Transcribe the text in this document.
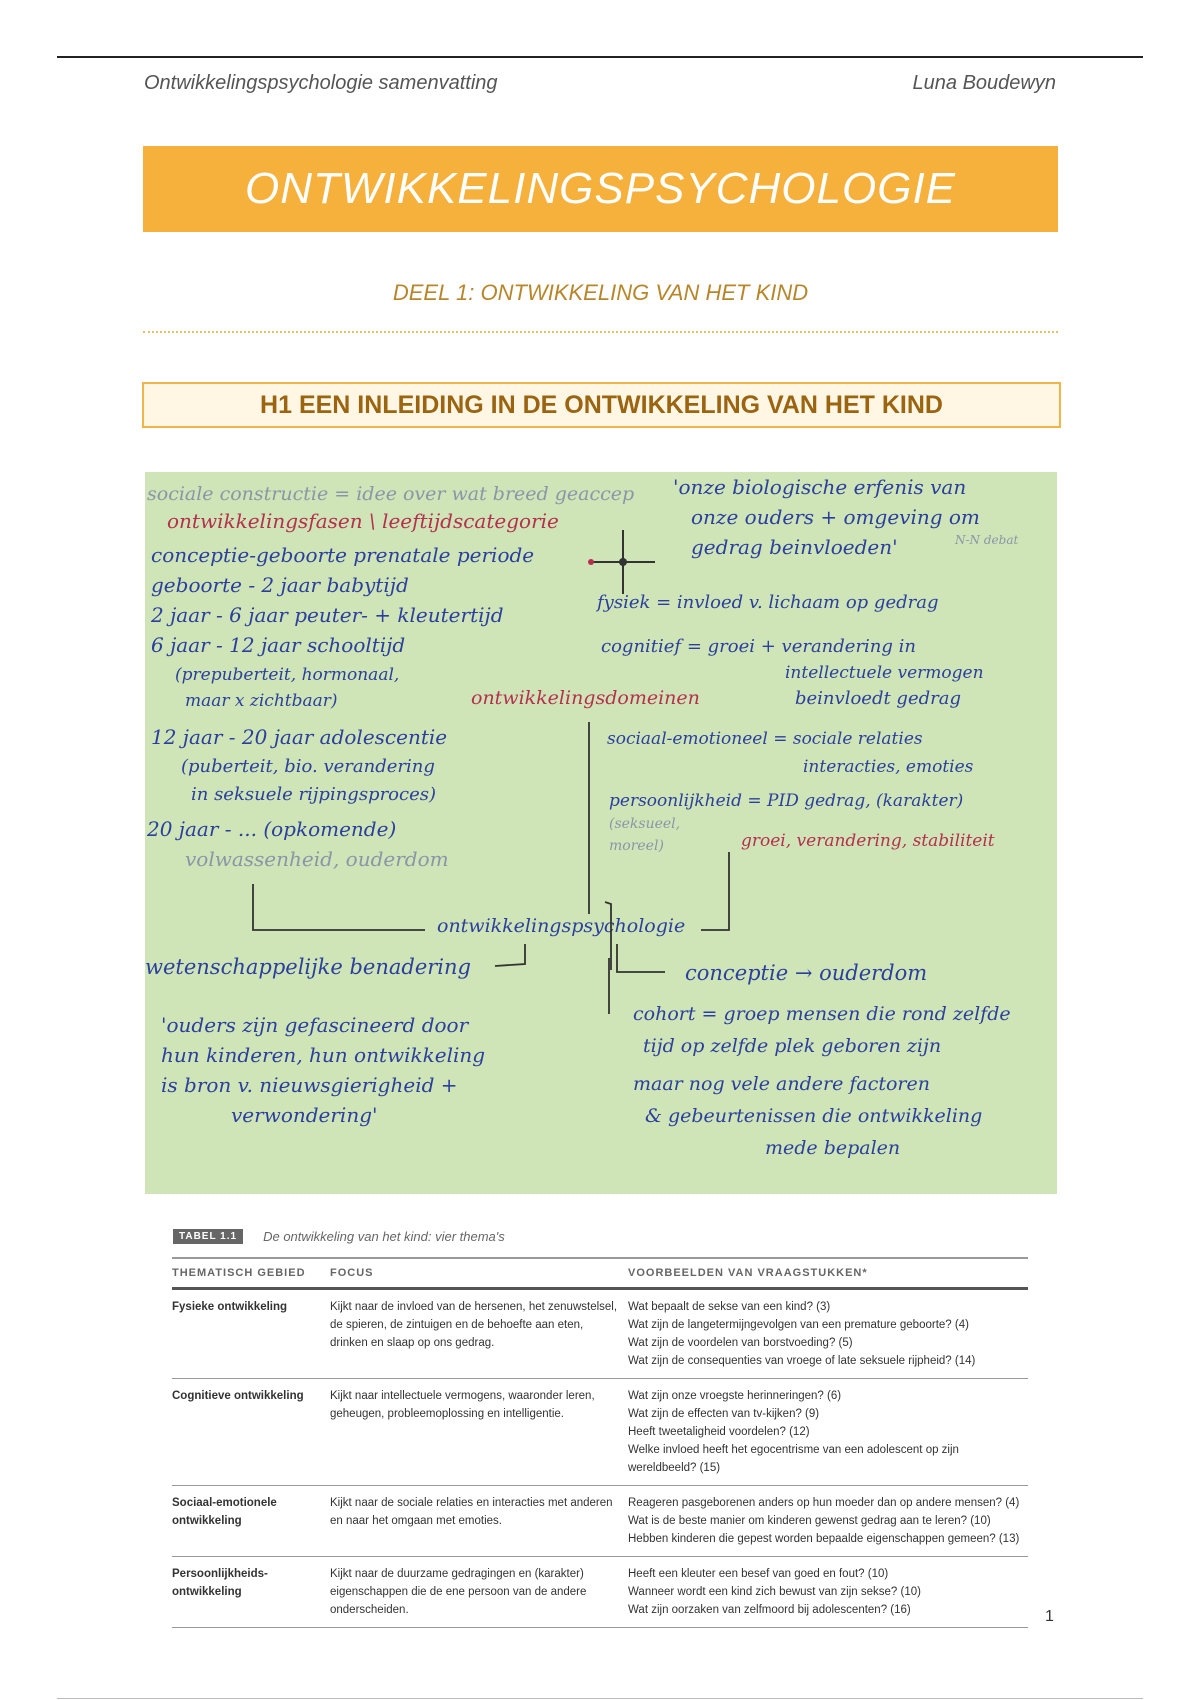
Ontwikkelingspsychologie samenvatting	Luna Boudewyn
ONTWIKKELINGSPSYCHOLOGIE
DEEL 1: ONTWIKKELING VAN HET KIND
H1 EEN INLEIDING IN DE ONTWIKKELING VAN HET KIND
sociale constructie = idee over wat breed geaccep
ontwikkelingsfasen \ leeftijdscategorie
conceptie-geboorte prenatale periode
geboorte - 2 jaar babytijd
2 jaar - 6 jaar peuter- + kleutertijd
6 jaar - 12 jaar schooltijd
(prepuberteit, hormonaal,
maar x zichtbaar)
12 jaar - 20 jaar adolescentie
(puberteit, bio. verandering
in seksuele rijpingsproces)
20 jaar - ... (opkomende)
volwassenheid, ouderdom
'onze biologische erfenis van
onze ouders + omgeving om
gedrag beinvloeden'	N-N debat
fysiek = invloed v. lichaam op gedrag
cognitief = groei + verandering in
intellectuele vermogen
beinvloedt gedrag
sociaal-emotioneel = sociale relaties
interacties, emoties
persoonlijkheid = PID gedrag, (karakter)
(seksueel,
moreel)	groei, verandering, stabiliteit
ontwikkelingsdomeinen
ontwikkelingspsychologie
wetenschappelijke benadering
'ouders zijn gefascineerd door
hun kinderen, hun ontwikkeling
is bron v. nieuwsgierigheid +
verwondering'
conceptie → ouderdom
cohort = groep mensen die rond zelfde
tijd op zelfde plek geboren zijn
maar nog vele andere factoren
& gebeurtenissen die ontwikkeling
mede bepalen
TABEL 1.1	De ontwikkeling van het kind: vier thema's
THEMATISCH GEBIED	FOCUS	VOORBEELDEN VAN VRAAGSTUKKEN*
Fysieke ontwikkeling	Kijkt naar de invloed van de hersenen, het zenuwstelsel, de spieren, de zintuigen en de behoefte aan eten, drinken en slaap op ons gedrag.	Wat bepaalt de sekse van een kind? (3)
Wat zijn de langetermijngevolgen van een premature geboorte? (4)
Wat zijn de voordelen van borstvoeding? (5)
Wat zijn de consequenties van vroege of late seksuele rijpheid? (14)

Cognitieve ontwikkeling	Kijkt naar intellectuele vermogens, waaronder leren, geheugen, probleemoplossing en intelligentie.	Wat zijn onze vroegste herinneringen? (6)
Wat zijn de effecten van tv-kijken? (9)
Heeft tweetaligheid voordelen? (12)
Welke invloed heeft het egocentrisme van een adolescent op zijn wereldbeeld? (15)

Sociaal-emotionele ontwikkeling	Kijkt naar de sociale relaties en interacties met anderen en naar het omgaan met emoties.	Reageren pasgeborenen anders op hun moeder dan op andere mensen? (4)
Wat is de beste manier om kinderen gewenst gedrag aan te leren? (10)
Hebben kinderen die gepest worden bepaalde eigenschappen gemeen? (13)

Persoonlijkheids-ontwikkeling	Kijkt naar de duurzame gedragingen en (karakter) eigenschappen die de ene persoon van de andere onderscheiden.	Heeft een kleuter een besef van goed en fout? (10)
Wanneer wordt een kind zich bewust van zijn sekse? (10)
Wat zijn oorzaken van zelfmoord bij adolescenten? (16)	1
